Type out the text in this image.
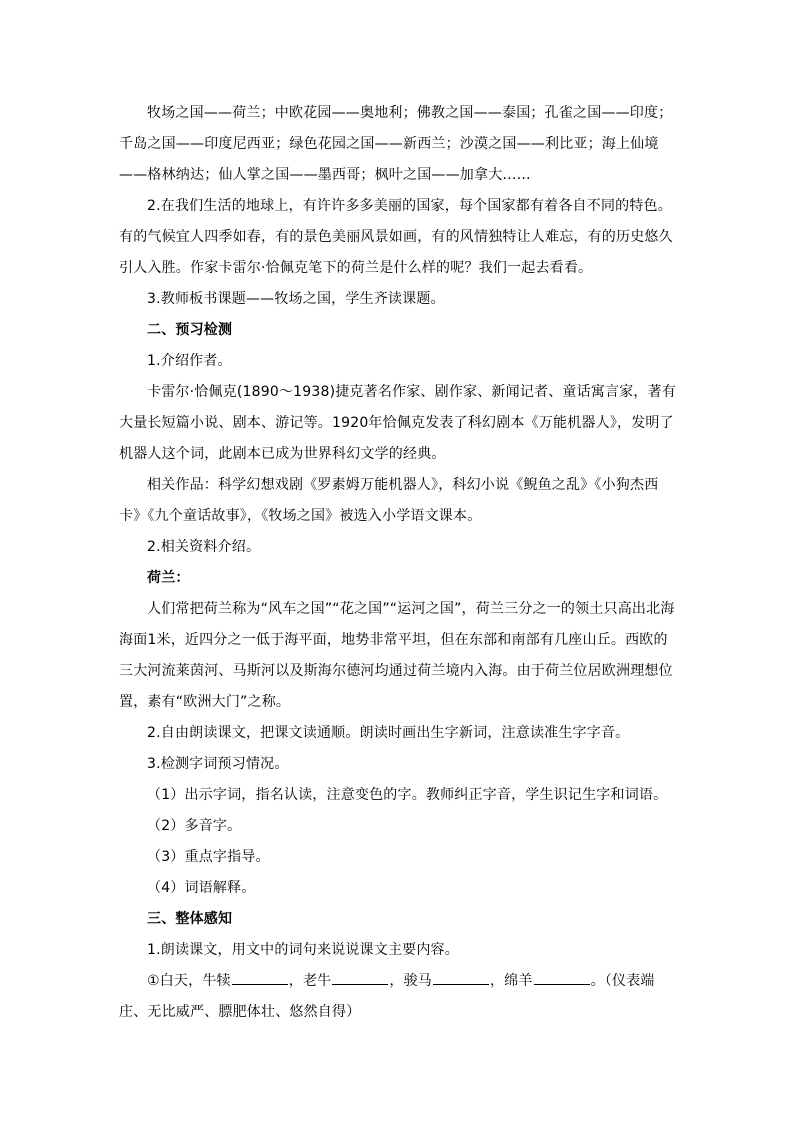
牧场之国——荷兰；中欧花园——奥地利；佛教之国——泰国；孔雀之国——印度；千岛之国——印度尼西亚；绿色花园之国——新西兰；沙漠之国——利比亚；海上仙境——格林纳达；仙人掌之国——墨西哥；枫叶之国——加拿大……

2.在我们生活的地球上，有许许多多美丽的国家，每个国家都有着各自不同的特色。有的气候宜人四季如春，有的景色美丽风景如画，有的风情独特让人难忘，有的历史悠久引人入胜。作家卡雷尔·恰佩克笔下的荷兰是什么样的呢？我们一起去看看。

3.教师板书课题——牧场之国，学生齐读课题。

二、预习检测

1.介绍作者。

卡雷尔·恰佩克(1890～1938)捷克著名作家、剧作家、新闻记者、童话寓言家，著有大量长短篇小说、剧本、游记等。1920年恰佩克发表了科幻剧本《万能机器人》，发明了机器人这个词，此剧本已成为世界科幻文学的经典。

相关作品：科学幻想戏剧《罗素姆万能机器人》，科幻小说《鲵鱼之乱》《小狗杰西卡》《九个童话故事》，《牧场之国》被选入小学语文课本。

2.相关资料介绍。

荷兰：

人们常把荷兰称为“风车之国”“花之国”“运河之国”，荷兰三分之一的领土只高出北海海面1米，近四分之一低于海平面，地势非常平坦，但在东部和南部有几座山丘。西欧的三大河流莱茵河、马斯河以及斯海尔德河均通过荷兰境内入海。由于荷兰位居欧洲理想位置，素有“欧洲大门”之称。

2.自由朗读课文，把课文读通顺。朗读时画出生字新词，注意读准生字字音。

3.检测字词预习情况。

（1）出示字词，指名认读，注意变色的字。教师纠正字音，学生识记生字和词语。

（2）多音字。

（3）重点字指导。

（4）词语解释。

三、整体感知

1.朗读课文，用文中的词句来说说课文主要内容。

①白天，牛犊	，老牛	，骏马	，绵羊	。（仪表端庄、无比威严、膘肥体壮、悠然自得）
